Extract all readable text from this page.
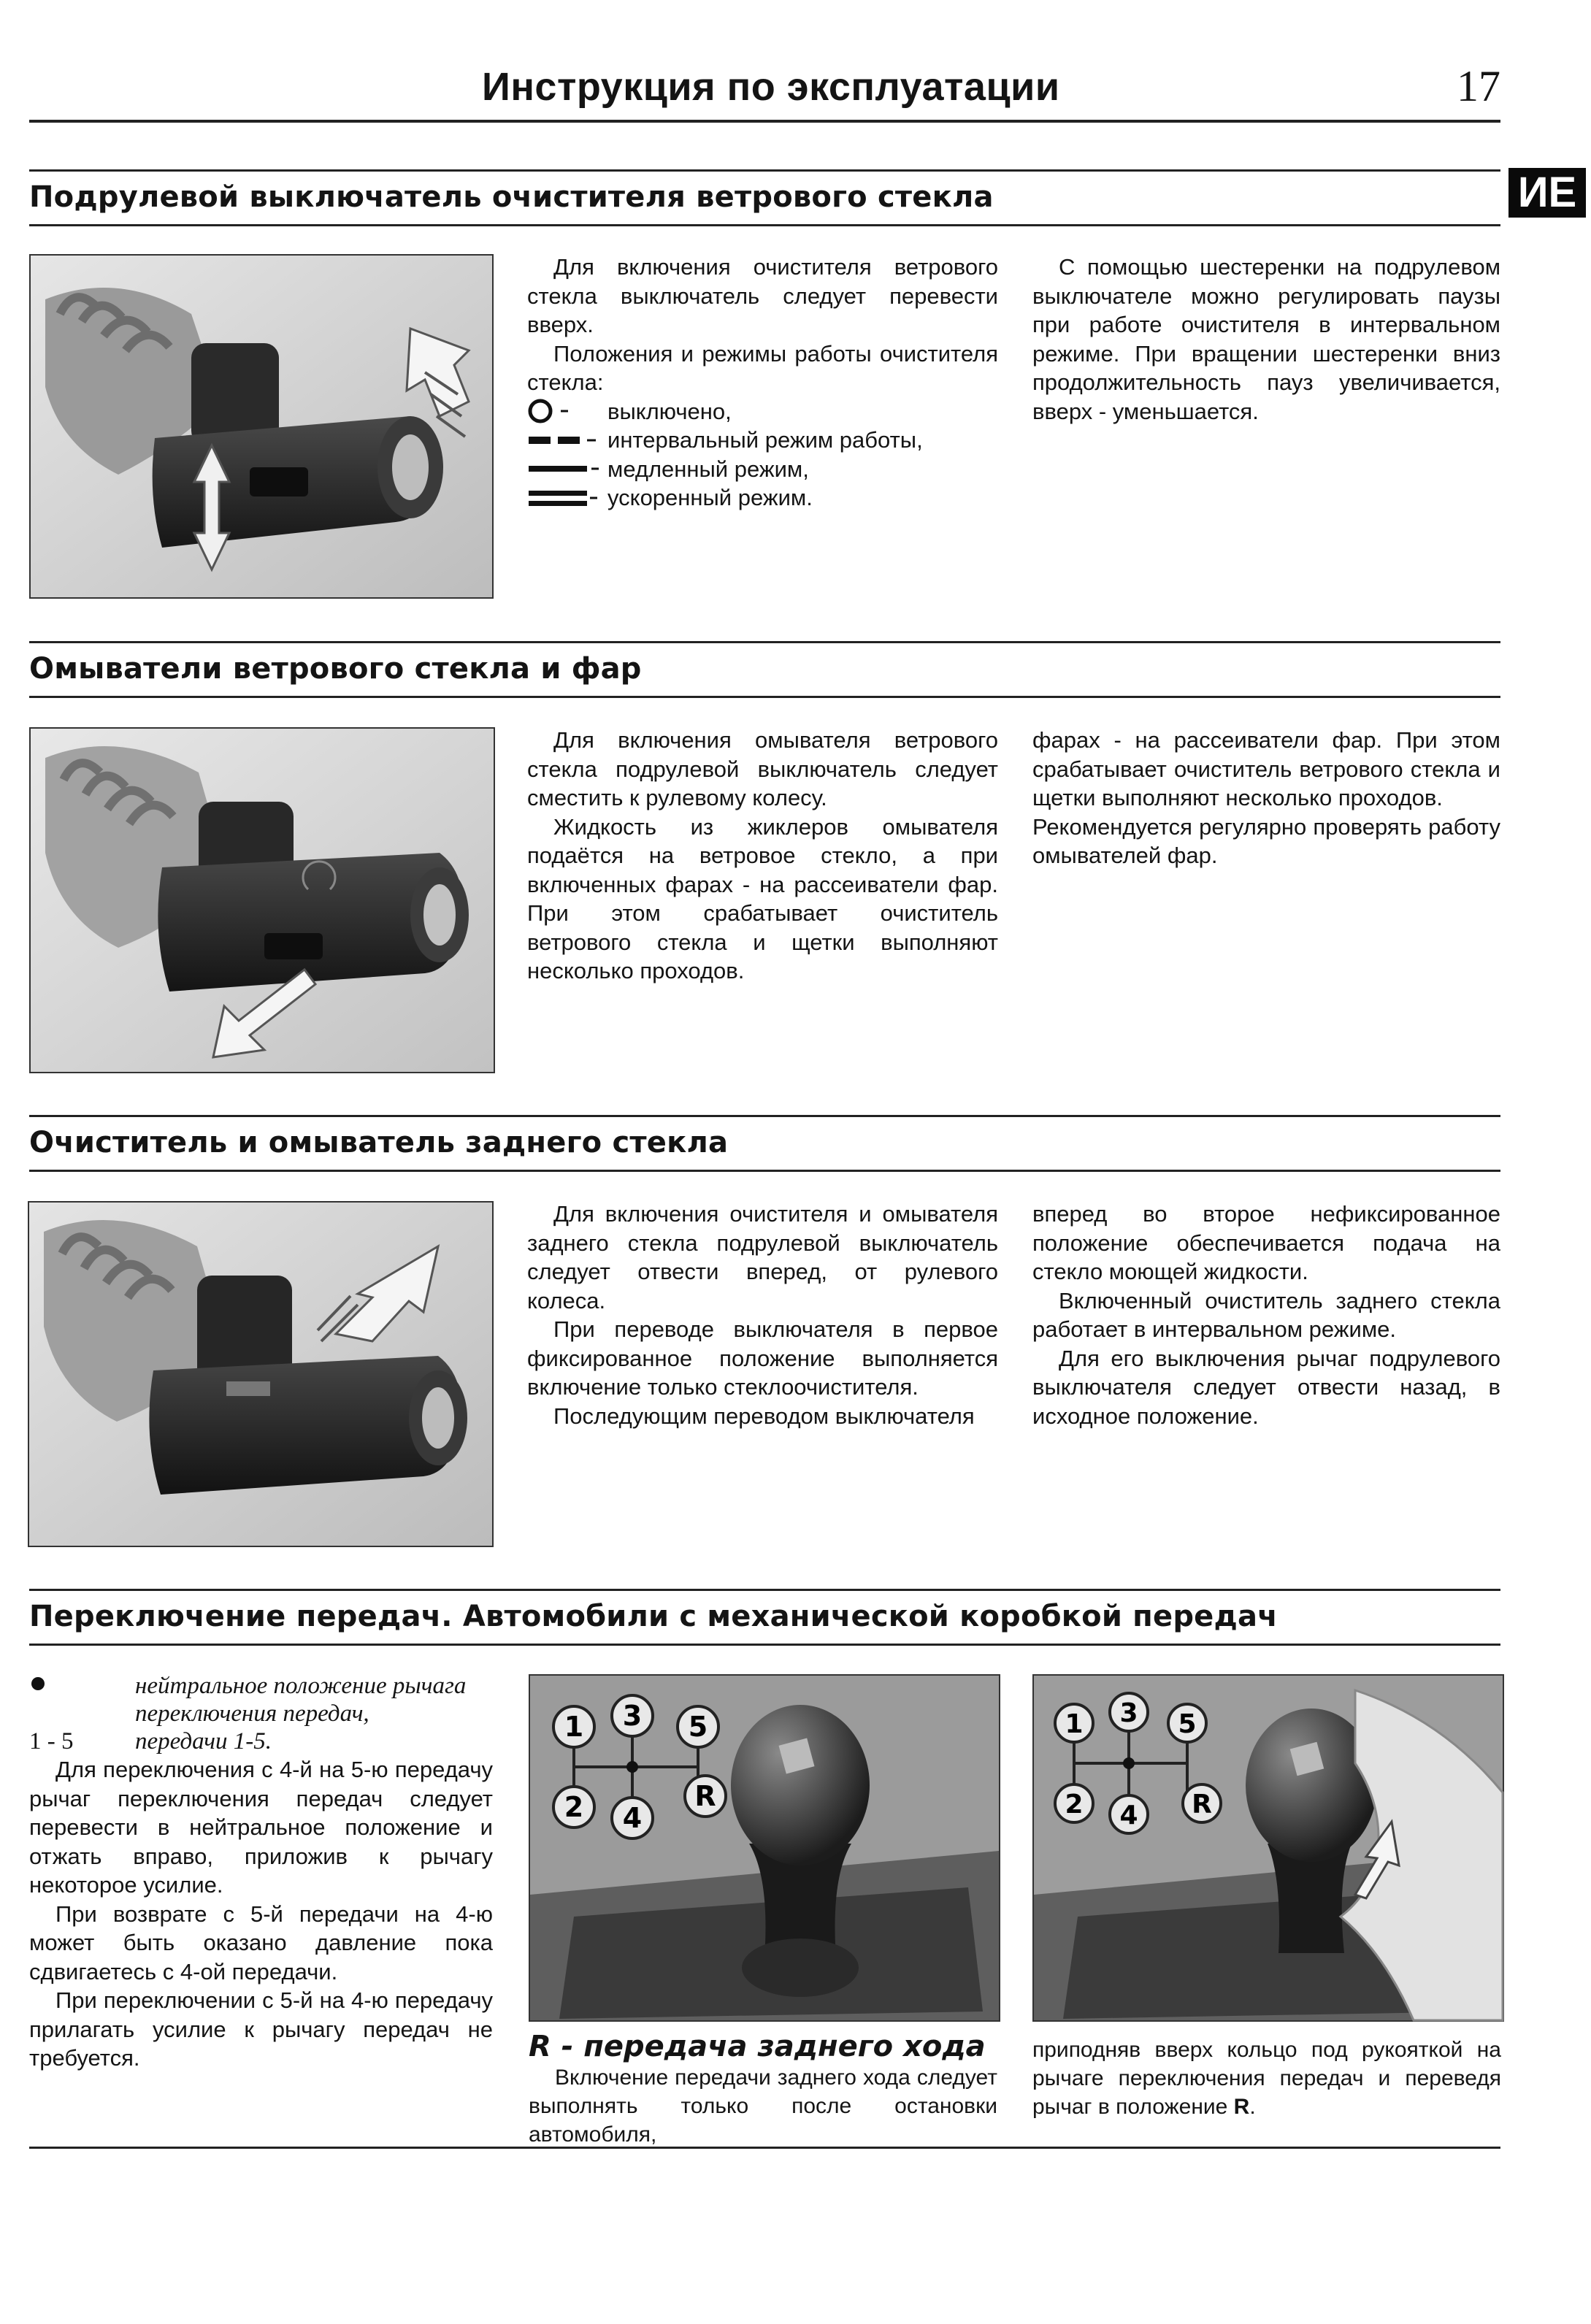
Инструкция по эксплуатации	17
ИЕ
Подрулевой выключатель очистителя ветрового стекла

Для включения очистителя ветрового стекла выключатель следует перевести вверх.

Положения и режимы работы очистителя стекла:

выключено,
интервальный режим работы,
медленный режим,
ускоренный режим.

С помощью шестеренки на подрулевом выключателе можно регулировать паузы при работе очистителя в интервальном режиме. При вращении шестеренки вниз продолжительность пауз увеличивается, вверх - уменьшается.

Омыватели ветрового стекла и фар

Для включения омывателя ветрового стекла подрулевой выключатель следует сместить к рулевому колесу.

Жидкость из жиклеров омывателя подаётся на ветровое стекло, а при включенных фарах - на рассеиватели фар. При этом срабатывает очиститель ветрового стекла и щетки выполняют несколько проходов.

фарах - на рассеиватели фар. При этом срабатывает очиститель ветрового стекла и щетки выполняют несколько проходов.

Рекомендуется регулярно проверять работу омывателей фар.

Очиститель и омыватель заднего стекла

Для включения очистителя и омывателя заднего стекла подрулевой выключатель следует отвести вперед, от рулевого колеса.

При переводе выключателя в первое фиксированное положение выполняется включение только стеклоочистителя.

Последующим переводом выключателя

вперед во второе нефиксированное положение обеспечивается подача на стекло моющей жидкости.

Включенный очиститель заднего стекла работает в интервальном режиме.

Для его выключения рычаг подрулевого выключателя следует отвести назад, в исходное положение.

Переключение передач. Автомобили с механической коробкой передач
нейтральное положение рычага переключения передач,
1 - 5	передачи 1-5.

Для переключения с 4-й на 5-ю передачу рычаг переключения передач следует перевести в нейтральное положение и отжать вправо, приложив к рычагу некоторое усилие.

При возврате с 5-й передачи на 4-ю может быть оказано давление пока сдвигаетесь с 4-ой передачи.

При переключении с 5-й на 4-ю передачу прилагать усилие к рычагу передач не требуется.

1 3 5
2 4
R
1 3 5
2 4 R
R - передача заднего хода

Включение передачи заднего хода следует выполнять только после остановки автомобиля,

приподняв вверх кольцо под рукояткой на рычаге переключения передач и переведя рычаг в положение R.
